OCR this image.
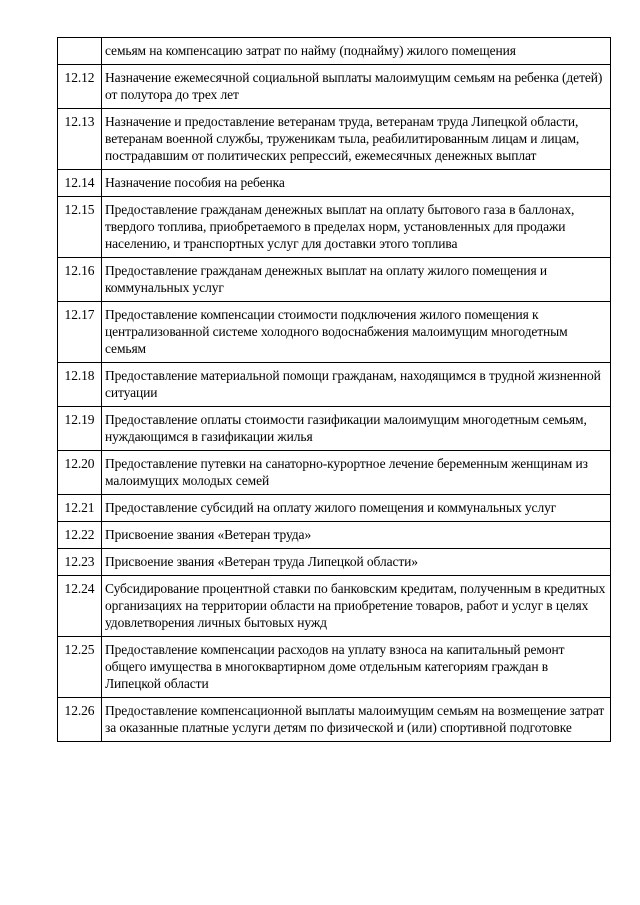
	семьям на компенсацию затрат по найму (поднайму) жилого помещения
12.12	Назначение ежемесячной социальной выплаты малоимущим семьям на ребенка (детей) от полутора до трех лет
12.13	Назначение и предоставление ветеранам труда, ветеранам труда Липецкой области, ветеранам военной службы, труженикам тыла, реабилитированным лицам и лицам, пострадавшим от политических репрессий, ежемесячных денежных выплат
12.14	Назначение пособия на ребенка
12.15	Предоставление гражданам денежных выплат на оплату бытового газа в баллонах, твердого топлива, приобретаемого в пределах норм, установленных для продажи населению, и транспортных услуг для доставки этого топлива
12.16	Предоставление гражданам денежных выплат на оплату жилого помещения и коммунальных услуг
12.17	Предоставление компенсации стоимости подключения жилого помещения к централизованной системе холодного водоснабжения малоимущим многодетным семьям
12.18	Предоставление материальной помощи гражданам, находящимся в трудной жизненной ситуации
12.19	Предоставление оплаты стоимости газификации малоимущим многодетным семьям, нуждающимся в газификации жилья
12.20	Предоставление путевки на санаторно-курортное лечение беременным женщинам из малоимущих молодых семей
12.21	Предоставление субсидий на оплату жилого помещения и коммунальных услуг
12.22	Присвоение звания «Ветеран труда»
12.23	Присвоение звания «Ветеран труда Липецкой области»
12.24	Субсидирование процентной ставки по банковским кредитам, полученным в кредитных организациях на территории области на приобретение товаров, работ и услуг в целях удовлетворения личных бытовых нужд
12.25	Предоставление компенсации расходов на уплату взноса на капитальный ремонт общего имущества в многоквартирном доме отдельным категориям граждан в Липецкой области
12.26	Предоставление компенсационной выплаты малоимущим семьям на возмещение затрат за оказанные платные услуги детям по физической и (или) спортивной подготовке
